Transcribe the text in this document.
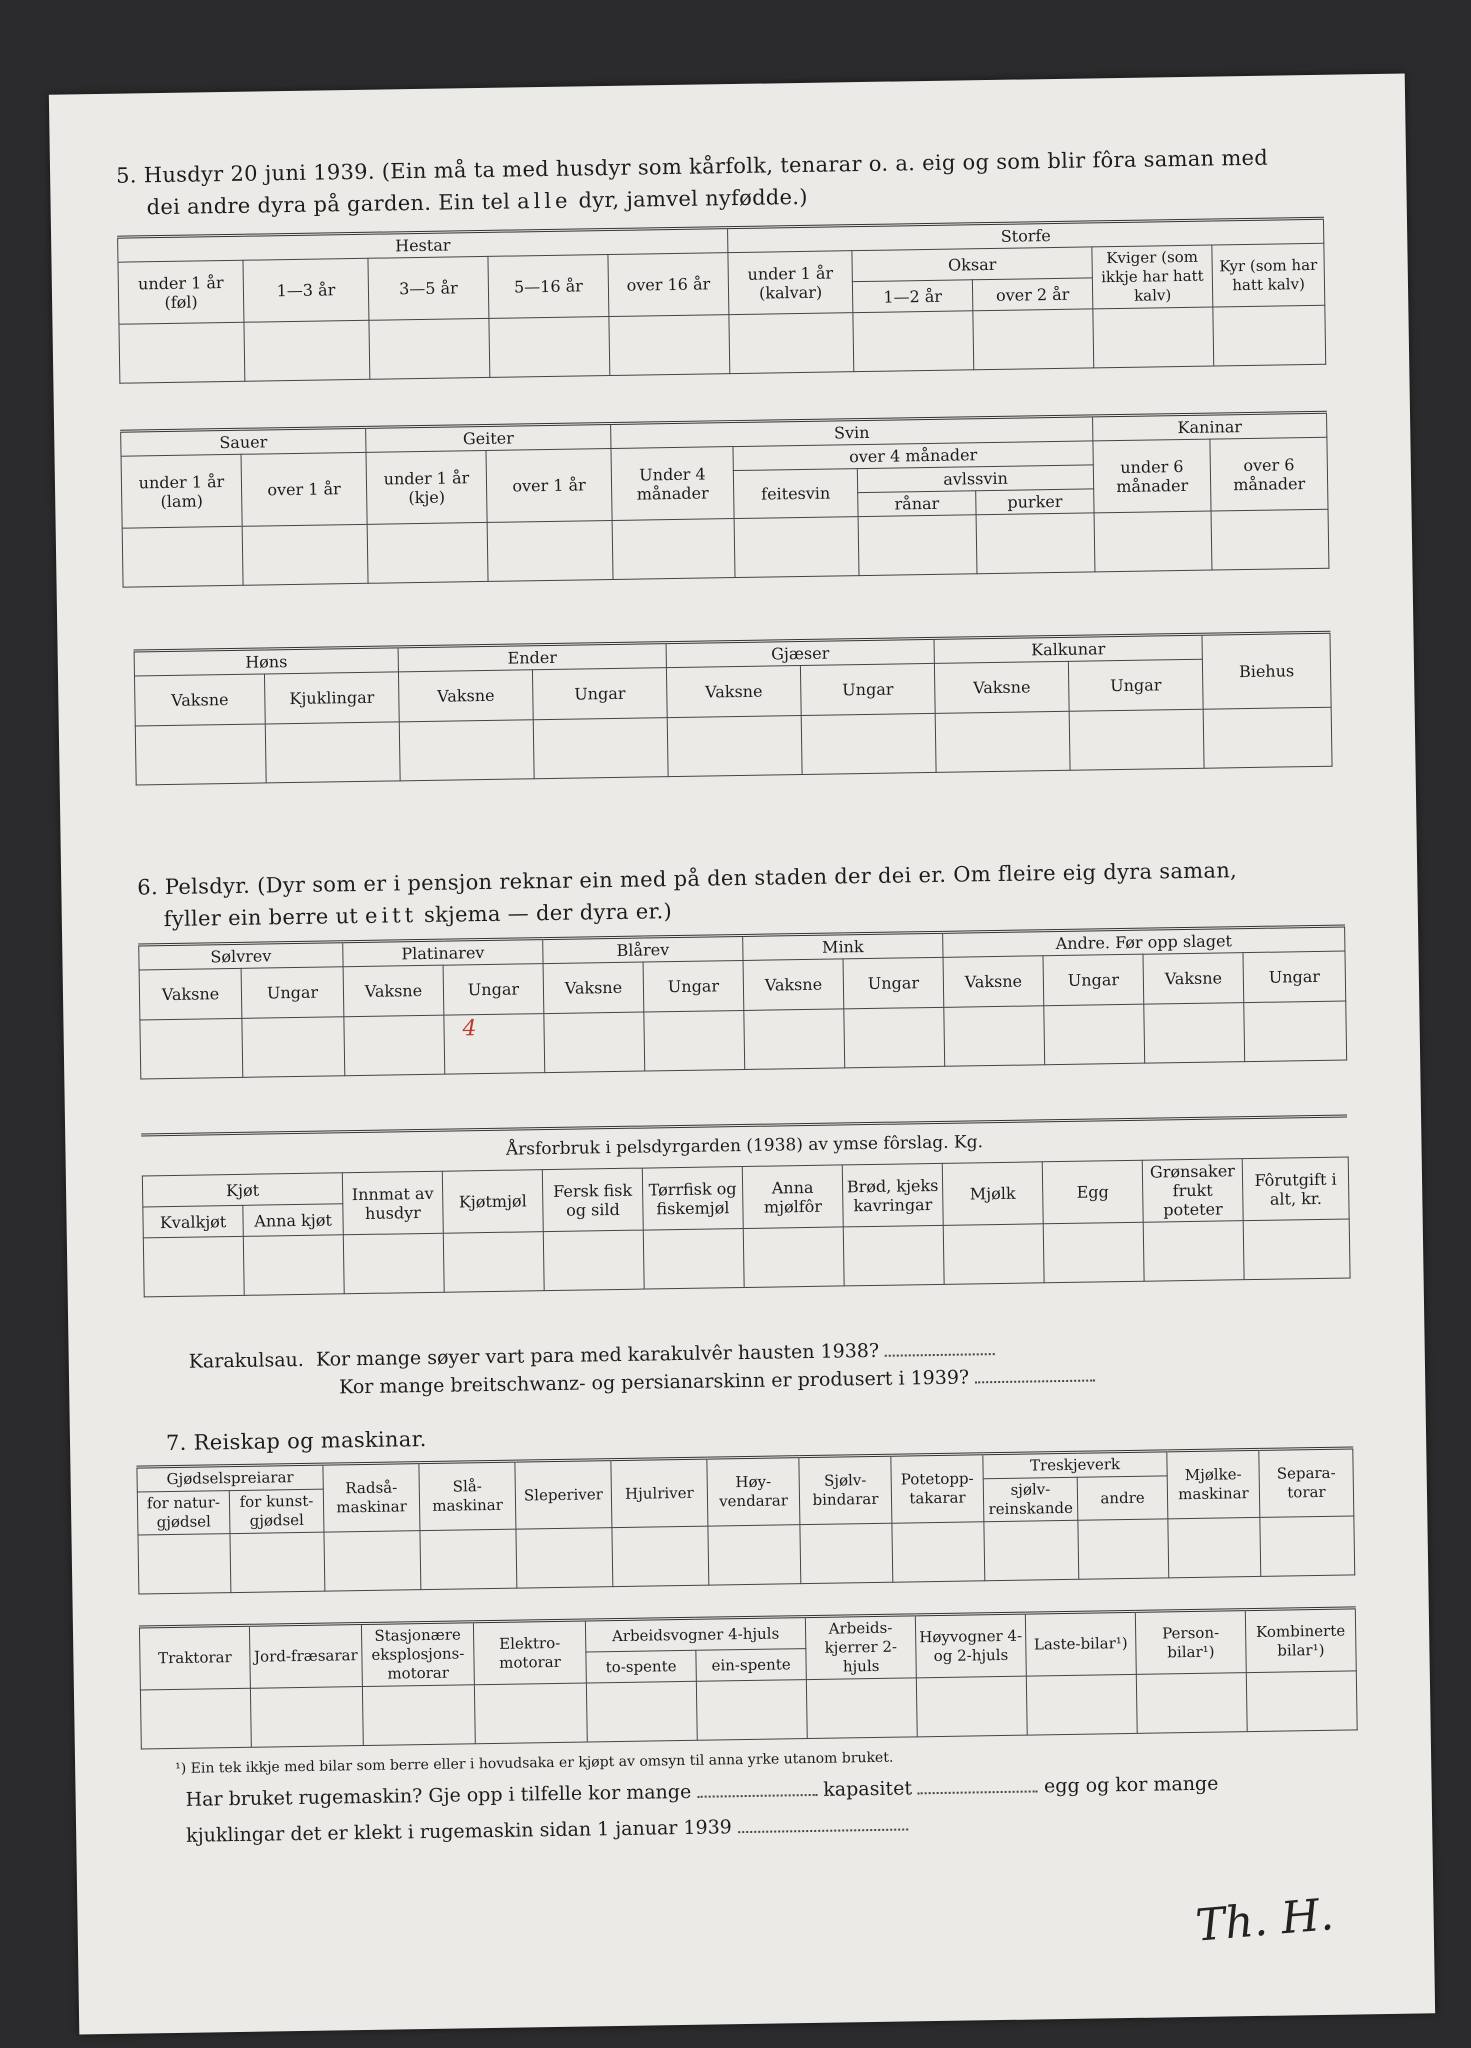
5. Husdyr 20 juni 1939. (Ein må ta med husdyr som kårfolk, tenarar o. a. eig og som blir fôra saman med
dei andre dyra på garden. Ein tel alle dyr, jamvel nyfødde.)
Hestar					Storfe				
under 1 år (føl)	1—3 år	3—5 år	5—16 år	over 16 år	under 1 år (kalvar)	Oksar		Kviger (som ikkje har hatt kalv)	Kyr (som har hatt kalv)
						1—2 år	over 2 år		

Sauer		Geiter		Svin				Kaninar	
under 1 år (lam)	over 1 år	under 1 år (kje)	over 1 år	Under 4 månader	over 4 månader			under 6 månader	over 6 månader
					feitesvin	avlssvin			
						rånar	purker		

Høns		Ender		Gjæser		Kalkunar		Biehus
Vaksne	Kjuklingar	Vaksne	Ungar	Vaksne	Ungar	Vaksne	Ungar	

6. Pelsdyr. (Dyr som er i pensjon reknar ein med på den staden der dei er. Om fleire eig dyra saman,
fyller ein berre ut eitt skjema — der dyra er.)
Sølvrev		Platinarev		Blårev		Mink		Andre. Før opp slaget			
Vaksne	Ungar	Vaksne	Ungar	Vaksne	Ungar	Vaksne	Ungar	Vaksne	Ungar	Vaksne	Ungar

			4								

Årsforbruk i pelsdyrgarden (1938) av ymse fôrslag. Kg.
Kjøt		Innmat av husdyr	Kjøtmjøl	Fersk fisk og sild	Tørrfisk og fiskemjøl	Anna mjølfôr	Brød, kjeks kavringar	Mjølk	Egg	Grønsaker frukt poteter	Fôrutgift i alt, kr.
Kvalkjøt	Anna kjøt										

Karakulsau. Kor mange søyer vart para med karakulvêr hausten 1938?
Kor mange breitschwanz- og persianarskinn er produsert i 1939?
7. Reiskap og maskinar.
Gjødselspreiarar		Radså-maskinar	Slå-maskinar	Sleperiver	Hjulriver	Høy-vendarar	Sjølv-bindarar	Potetopp-takarar	Treskjeverk		Mjølke-maskinar	Separa-torar
for natur-gjødsel	for kunst-gjødsel								sjølv-reinskande	andre		

Traktorar	Jord-fræsarar	Stasjonære eksplosjons-motorar	Elektro-motorar	Arbeidsvogner 4-hjuls		Arbeids-kjerrer 2-hjuls	Høyvogner 4- og 2-hjuls	Laste-bilar¹)	Person-bilar¹)	Kombinerte bilar¹)
				to-spente	ein-spente					

¹) Ein tek ikkje med bilar som berre eller i hovudsaka er kjøpt av omsyn til anna yrke utanom bruket.
Har bruket rugemaskin? Gje opp i tilfelle kor mange	kapasitet	egg og kor mange
kjuklingar det er klekt i rugemaskin sidan 1 januar 1939
Th. H.
